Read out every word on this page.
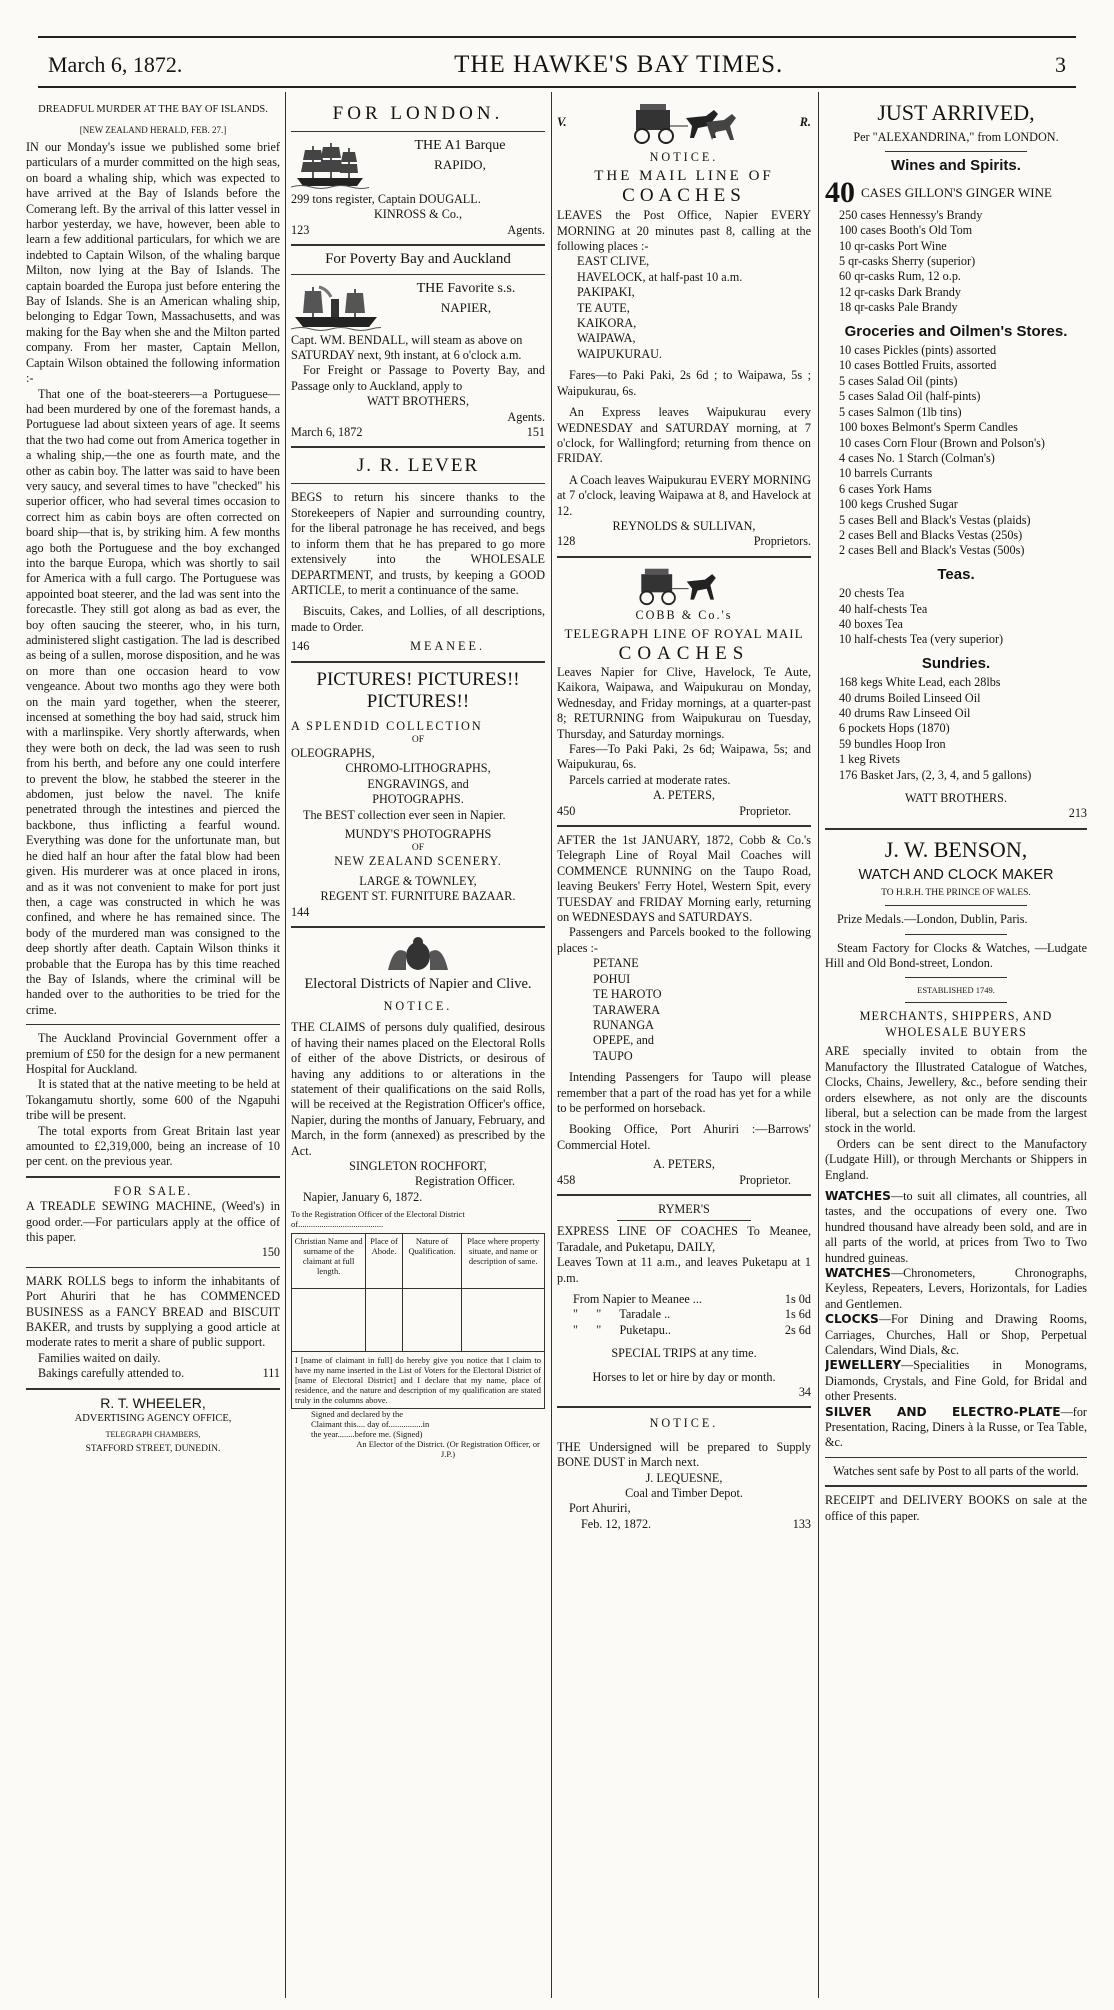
March 6, 1872.	THE HAWKE'S BAY TIMES.	3
DREADFUL MURDER AT THE BAY OF ISLANDS.
[NEW ZEALAND HERALD, FEB. 27.]

IN our Monday's issue we published some brief particulars of a murder committed on the high seas, on board a whaling ship, which was expected to have arrived at the Bay of Islands before the Comerang left. By the arrival of this latter vessel in harbor yesterday, we have, however, been able to learn a few additional particulars, for which we are indebted to Captain Wilson, of the whaling barque Milton, now lying at the Bay of Islands. The captain boarded the Europa just before entering the Bay of Islands. She is an American whaling ship, belonging to Edgar Town, Massachusetts, and was making for the Bay when she and the Milton parted company. From her master, Captain Mellon, Captain Wilson obtained the following information :-

That one of the boat-steerers—a Portuguese—had been murdered by one of the foremast hands, a Portuguese lad about sixteen years of age. It seems that the two had come out from America together in a whaling ship,—the one as fourth mate, and the other as cabin boy. The latter was said to have been very saucy, and several times to have "checked" his superior officer, who had several times occasion to correct him as cabin boys are often corrected on board ship—that is, by striking him. A few months ago both the Portuguese and the boy exchanged into the barque Europa, which was shortly to sail for America with a full cargo. The Portuguese was appointed boat steerer, and the lad was sent into the forecastle. They still got along as bad as ever, the boy often saucing the steerer, who, in his turn, administered slight castigation. The lad is described as being of a sullen, morose disposition, and he was on more than one occasion heard to vow vengeance. About two months ago they were both on the main yard together, when the steerer, incensed at something the boy had said, struck him with a marlinspike. Very shortly afterwards, when they were both on deck, the lad was seen to rush from his berth, and before any one could interfere to prevent the blow, he stabbed the steerer in the abdomen, just below the navel. The knife penetrated through the intestines and pierced the backbone, thus inflicting a fearful wound. Everything was done for the unfortunate man, but he died half an hour after the fatal blow had been given. His murderer was at once placed in irons, and as it was not convenient to make for port just then, a cage was constructed in which he was confined, and where he has remained since. The body of the murdered man was consigned to the deep shortly after death. Captain Wilson thinks it probable that the Europa has by this time reached the Bay of Islands, where the criminal will be handed over to the authorities to be tried for the crime.

The Auckland Provincial Government offer a premium of £50 for the design for a new permanent Hospital for Auckland.

It is stated that at the native meeting to be held at Tokangamutu shortly, some 600 of the Ngapuhi tribe will be present.

The total exports from Great Britain last year amounted to £2,319,000, being an increase of 10 per cent. on the previous year.

FOR SALE.

A TREADLE SEWING MACHINE, (Weed's) in good order.—For particulars apply at the office of this paper.

150

MARK ROLLS begs to inform the inhabitants of Port Ahuriri that he has COMMENCED BUSINESS as a FANCY BREAD and BISCUIT BAKER, and trusts by supplying a good article at moderate rates to merit a share of public support.

Families waited on daily.

Bakings carefully attended to.	111
R. T. WHEELER,
ADVERTISING AGENCY OFFICE,
TELEGRAPH CHAMBERS,
STAFFORD STREET, DUNEDIN.
FOR LONDON.
THE A1 Barque
RAPIDO,
299 tons register, Captain DOUGALL.
KINROSS & Co.,
123	Agents.
For Poverty Bay and Auckland
THE Favorite s.s.
NAPIER,

Capt. WM. BENDALL, will steam as above on

SATURDAY next, 9th instant, at 6 o'clock a.m.

For Freight or Passage to Poverty Bay, and Passage only to Auckland, apply to

WATT BROTHERS,
Agents.
March 6, 1872	151
J. R. LEVER

BEGS to return his sincere thanks to the Storekeepers of Napier and surrounding country, for the liberal patronage he has received, and begs to inform them that he has prepared to go more extensively into the WHOLESALE DEPARTMENT, and trusts, by keeping a GOOD ARTICLE, to merit a continuance of the same.

Biscuits, Cakes, and Lollies, of all descriptions, made to Order.

146	MEANEE.
PICTURES! PICTURES!!
PICTURES!!
A SPLENDID COLLECTION
OF
OLEOGRAPHS,
CHROMO-LITHOGRAPHS,
ENGRAVINGS, and
PHOTOGRAPHS.

The BEST collection ever seen in Napier.

MUNDY'S PHOTOGRAPHS
OF
NEW ZEALAND SCENERY.
LARGE & TOWNLEY,
REGENT ST. FURNITURE BAZAAR.
144
Electoral Districts of Napier and Clive.
NOTICE.

THE CLAIMS of persons duly qualified, desirous of having their names placed on the Electoral Rolls of either of the above Districts, or desirous of having any additions to or alterations in the statement of their qualifications on the said Rolls, will be received at the Registration Officer's office, Napier, during the months of January, February, and March, in the form (annexed) as prescribed by the Act.

SINGLETON ROCHFORT,
Registration Officer.
Napier, January 6, 1872.
To the Registration Officer of the Electoral District of........................................
Christian Name and surname of the claimant at full length.	Place of Abode.	Nature of Qualification.	Place where property situate, and name or description of same.

I [name of claimant in full] do hereby give you notice that I claim to have my name inserted in the List of Voters for the Electoral District of [name of Electoral District] and I declare that my name, place of residence, and the nature and description of my qualification are stated truly in the columns above.
Signed and declared by the Claimant this.... day of................in the year........before me. (Signed)
An Elector of the District. (Or Registration Officer, or J.P.)
V.	R.
NOTICE.
THE MAIL LINE OF
COACHES

LEAVES the Post Office, Napier EVERY MORNING at 20 minutes past 8, calling at the following places :-

EAST CLIVE,
HAVELOCK, at half-past 10 a.m.
PAKIPAKI,
TE AUTE,
KAIKORA,
WAIPAWA,
WAIPUKURAU.

Fares—to Paki Paki, 2s 6d ; to Waipawa, 5s ; Waipukurau, 6s.

An Express leaves Waipukurau every WEDNESDAY and SATURDAY morning, at 7 o'clock, for Wallingford; returning from thence on FRIDAY.

A Coach leaves Waipukurau EVERY MORNING at 7 o'clock, leaving Waipawa at 8, and Havelock at 12.

REYNOLDS & SULLIVAN,
128	Proprietors.
COBB & Co.'s
TELEGRAPH LINE OF ROYAL MAIL
COACHES

Leaves Napier for Clive, Havelock, Te Aute, Kaikora, Waipawa, and Waipukurau on Monday, Wednesday, and Friday mornings, at a quarter-past 8; RETURNING from Waipukurau on Tuesday, Thursday, and Saturday mornings.

Fares—To Paki Paki, 2s 6d; Waipawa, 5s; and Waipukurau, 6s.

Parcels carried at moderate rates.

A. PETERS,
450	Proprietor.

AFTER the 1st JANUARY, 1872, Cobb & Co.'s Telegraph Line of Royal Mail Coaches will COMMENCE RUNNING on the Taupo Road, leaving Beukers' Ferry Hotel, Western Spit, every TUESDAY and FRIDAY Morning early, returning on WEDNESDAYS and SATURDAYS.

Passengers and Parcels booked to the following places :-

PETANE
POHUI
TE HAROTO
TARAWERA
RUNANGA
OPEPE, and
TAUPO

Intending Passengers for Taupo will please remember that a part of the road has yet for a while to be performed on horseback.

Booking Office, Port Ahuriri :—Barrows' Commercial Hotel.

A. PETERS,
458	Proprietor.
RYMER'S

EXPRESS LINE OF COACHES To Meanee, Taradale, and Puketapu, DAILY,

Leaves Town at 11 a.m., and leaves Puketapu at 1 p.m.

From Napier to Meanee ...	1s 0d
"      "      Taradale ..	1s 6d
"      "      Puketapu..	2s 6d
SPECIAL TRIPS at any time.
Horses to let or hire by day or month.
34
NOTICE.

THE Undersigned will be prepared to Supply BONE DUST in March next.

J. LEQUESNE,
Coal and Timber Depot.
Port Ahuriri,
Feb. 12, 1872.	133
JUST ARRIVED,
Per "ALEXANDRINA," from LONDON.
Wines and Spirits.
40 CASES GILLON'S GINGER WINE
250 cases Hennessy's Brandy
100 cases Booth's Old Tom
10 qr-casks Port Wine
5 qr-casks Sherry (superior)
60 qr-casks Rum, 12 o.p.
12 qr-casks Dark Brandy
18 qr-casks Pale Brandy
Groceries and Oilmen's Stores.
10 cases Pickles (pints) assorted
10 cases Bottled Fruits, assorted
5 cases Salad Oil (pints)
5 cases Salad Oil (half-pints)
5 cases Salmon (1lb tins)
100 boxes Belmont's Sperm Candles
10 cases Corn Flour (Brown and Polson's)
4 cases No. 1 Starch (Colman's)
10 barrels Currants
6 cases York Hams
100 kegs Crushed Sugar
5 cases Bell and Black's Vestas (plaids)
2 cases Bell and Blacks Vestas (250s)
2 cases Bell and Black's Vestas (500s)
Teas.
20 chests Tea
40 half-chests Tea
40 boxes Tea
10 half-chests Tea (very superior)
Sundries.
168 kegs White Lead, each 28lbs
40 drums Boiled Linseed Oil
40 drums Raw Linseed Oil
6 pockets Hops (1870)
59 bundles Hoop Iron
1 keg Rivets
176 Basket Jars, (2, 3, 4, and 5 gallons)
WATT BROTHERS.
213
J. W. BENSON,
WATCH AND CLOCK MAKER
TO H.R.H. THE PRINCE OF WALES.

Prize Medals.—London, Dublin, Paris.

Steam Factory for Clocks & Watches, —Ludgate Hill and Old Bond-street, London.

ESTABLISHED 1749.
MERCHANTS, SHIPPERS, AND WHOLESALE BUYERS

ARE specially invited to obtain from the Manufactory the Illustrated Catalogue of Watches, Clocks, Chains, Jewellery, &c., before sending their orders elsewhere, as not only are the discounts liberal, but a selection can be made from the largest stock in the world.

Orders can be sent direct to the Manufactory (Ludgate Hill), or through Merchants or Shippers in England.

WATCHES—to suit all climates, all countries, all tastes, and the occupations of every one. Two hundred thousand have already been sold, and are in all parts of the world, at prices from Two to Two hundred guineas.

WATCHES—Chronometers, Chronographs, Keyless, Repeaters, Levers, Horizontals, for Ladies and Gentlemen.

CLOCKS—For Dining and Drawing Rooms, Carriages, Churches, Hall or Shop, Perpetual Calendars, Wind Dials, &c.

JEWELLERY—Specialities in Monograms, Diamonds, Crystals, and Fine Gold, for Bridal and other Presents.

SILVER AND ELECTRO-PLATE—for Presentation, Racing, Diners à la Russe, or Tea Table, &c.

Watches sent safe by Post to all parts of the world.

RECEIPT and DELIVERY BOOKS on sale at the office of this paper.
